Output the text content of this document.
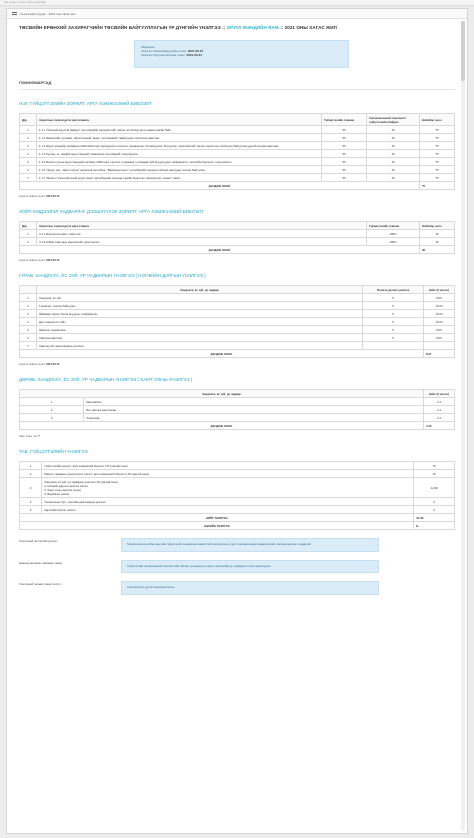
Бүх өгөгдөл харах, хэвлэх хувилбар
Үнэлгээний хуудас - 2021 оны хагас жил
ТӨСВИЙН ЕРӨНХИЙ ЗАХИРАГЧИЙН ТӨСВИЙН БАЙГУУЛЛАГЫН ҮР ДҮНГИЙН ҮНЭЛГЭЭ :: ЭРҮҮЛ МЭНДИЙН ЯАМ :: 2021 ОНЫ ХАГАС ЖИЛ
Мэдээлэл
Үнэлгээг баталгаажуулсан огноо: 2021-06-15
Үнэлгээг бүртгэж эхэлсэн огноо: 2021-06-24
ГЮМНЭМАРГАД
НЭГ. ГҮЙЦЭТГЭЛИЙН ЗОРИЛТ, АРГА ХЭМЖЭЭНИЙ БИЕЛЭЛТ
Д/д	Зорилтын хэрэгжүүлэх арга хэмжээ	Гүйцэтгэлийн түвшин	Төлөвлөгөөний хэрэгжилт гүйцэтгэлийн байдал	Нийлбэр оноо
1	1.1.1 "Хүнсний аюулгүй байдал" хөтөлбөрийн хэрэгжилтийг хангах чиглэлээр арга хэмжээ авсан байх	60	15	75
2	1.1.2 Эмнэлгийн тусламж, үйлчилгээний чанар, хүртээмжийг сайжруулах чиглэлээр ажиллах	60	15	75
3	1.1.3 Эрүүл мэндийн салбарын 2020-2024 онд хэрэгжүүлэх стратеги төлөвлөгөөг боловсруулж, батлуулах, хэрэгжилтийг хангах зорилгоор холбогдох байгууллагуудтай уялдан ажиллах	60	15	75
4	1.1.4 Хүүхэд, эх, нярайн эрүүл мэндийг хамгаалах хөтөлбөрийг хэрэгжүүлэх	60	15	75
5	1.1.5 Монгол улсын эрүүл мэндийн салбарт 2020 оныг хүртэлх хугацаанд тулгамдаж буй асуудлуудыг шийдвэрлэх, хөгжлийн бодлогыг тодорхойлох	60	15	75
6	1.1.6 "Эрүүл хүн - Эрүүл иргэн" үндэсний хөтөлбөр, "Вакцинжуулалт" хөтөлбөрийн хүрээнд хийгдэх ажлуудыг зохион байгуулах	60	15	75
7	1.1.7 "Монгол Улсын Иргэний эрүүл мэнд" хөтөлбөрийн хүрээнд төрийн бодлогыг хэрэгжүүлэх, хяналт тавих	60	15	75
ДУНДАЖ ОНОО				75
Үнэлгээ хийсэн огноо: 2021-06-15
ХОЁР. МЭДЭЭЛЭЛ ЧАДВАРЛАГ ДЭЭШЛҮҮЛЭХ ЗОРИЛТ, АРГА ХЭМЖЭЭНИЙ БИЕЛЭЛТ
Д/д	Зорилтын хэрэгжүүлэх арга хэмжээ	Гүйцэтгэлийн түвшин	Нийлбэр оноо
1	4.1.1 Мэргэшсэн ажил гүйцэтгэх	100%	15
2	4.1.2 Албан хаагчдын мэргэшлийг дээшлүүлэх	100%	15
ДУНДАЖ ОНОО			96
Үнэлгээ хийсэн огноо: 2021-06-15
ГУРАВ. ХАНДЛАГА, ЁС ЗҮЙ, УР ЧАДВАРЫН ҮНЭЛГЭЭ ( НЭГЖИЙН ДАРГЫН ҮНЭЛГЭЭ )
	Хандлага, ёс зүй, ур чадвар	Үнэлгээ дүгнэх үнэлгээ	Нийт (5 онооч)
1	Хандлага, ёс зүй	5	5.00
2	Төлөвлөх, зохион байгуулах	5	10.00
3	Шийдвэр гаргах болон асуудлыг шийдвэрлэх	5	10.00
4	Дүн шинжилгээ хийх	5	10.00
5	Шинэлэг санаачлага	5	5.00
6	Хамтран ажиллах	5	5.00
7	Хамтын үйл ажиллагаанд оролцох		
ДУНДАЖ ОНОО			8.67
Үнэлгээ хийсэн огноо: 2021-06-15
ДӨРӨВ. ХАНДЛАГА, ЁС ЗҮЙ, УР ЧАДВАРЫН ҮНЭЛГЭЭ ( ХАМТ ОЛНЫ ҮНЭЛГЭЭ )
Хандлага, ёс зүй, ур чадвар		Нийт (5 онооч)
1	Манлайлал	4.4
2	Баг хамтын ажиллагаа	4.1
3	Харилцаа	4.4
ДУНДАЖ ОНОО		4.33
Хамт олны тоо: 7
ТАВ. ГҮЙЦЭТГЭЛИЙН ҮНЭЛГЭЭ
1	Гүйцэтгэлийн зорилт, арга хэмжээний биелэлт (75 хувьтай оноо)	75
2	Мэдлэг чадварыг дээшлүүлэх зорилт, арга хэмжээний биелэлт (15 хувьтай оноо)	15
3	Хандлага, ёс зүй, ур чадварын үнэлгээ (10 хувьтай оноо)
а. Нэгжийн даргын үнэлгээ (оноо)
б. Хамт олны үнэлгээ (оноо)
в. Өөрийгөө үнэлэх	12.99
4	Төлөвлөгөөт бус, гэнэтийн даалгаврын үнэлгээ	0
5	Зөрчлийн бичлэг хасалт	0
НИЙТ ҮНЭЛГЭЭ		97.99
ЭЦСИЙН ҮНЭЛГЭЭ		B
Үнэлгээний төгсгөлийн дүгнэлт
Төрийн жинхэнэ албан хаагчийн гүйцэтгэлийн төлөвлөгөөг амжилттай хэрэгжүүлсэн, үүрэгт ажилдаа идэвх санаачилгатай, хамтран ажиллах чадвартай.
Цаашид анхаарах зөвлөмж, санал
Гүйцэтгэлийн төлөвлөгөөний хэрэгжилтийн тайланг хугацаанд нь гаргах, мэргэжлийн ур чадвараа тогтмол дээшлүүлэх.
Үнэлгээний талаарх санал хүсэлт
Үнэлгээний үр дүнтэй танилцсан болно.
